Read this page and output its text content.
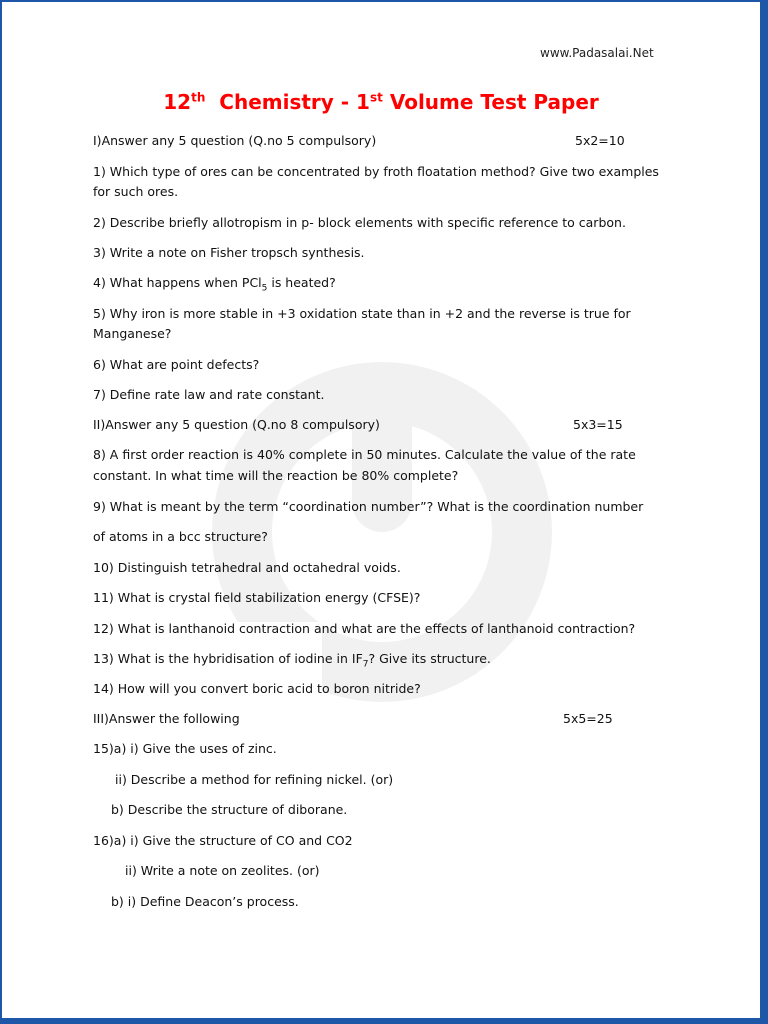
www.Padasalai.Net
12th  Chemistry - 1st Volume Test Paper
I)Answer any 5 question (Q.no 5 compulsory)	5x2=10
1) Which type of ores can be concentrated by froth floatation method? Give two examples
for such ores.
2) Describe briefly allotropism in p- block elements with specific reference to carbon.
3) Write a note on Fisher tropsch synthesis.
4) What happens when PCl$_5$ is heated?
5) Why iron is more stable in +3 oxidation state than in +2 and the reverse is true for
Manganese?
6) What are point defects?
7) Define rate law and rate constant.
II)Answer any 5 question (Q.no 8 compulsory)	5x3=15
8) A first order reaction is 40% complete in 50 minutes. Calculate the value of the rate
constant. In what time will the reaction be 80% complete?
9) What is meant by the term “coordination number”? What is the coordination number
of atoms in a bcc structure?
10) Distinguish tetrahedral and octahedral voids.
11) What is crystal field stabilization energy (CFSE)?
12) What is lanthanoid contraction and what are the effects of lanthanoid contraction?
13) What is the hybridisation of iodine in $IF_7$? Give its structure.
14) How will you convert boric acid to boron nitride?
III)Answer the following	5x5=25
15)a) i) Give the uses of zinc.
ii) Describe a method for refining nickel. (or)
b) Describe the structure of diborane.
16)a) i) Give the structure of CO and CO2
ii) Write a note on zeolites. (or)
b) i) Define Deacon’s process.
